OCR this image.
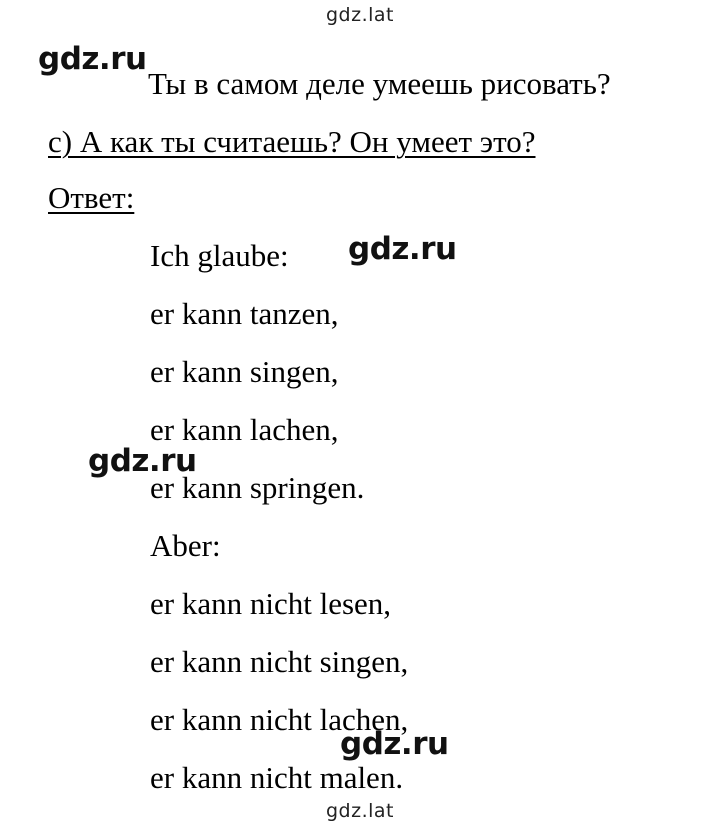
gdz.lat
Ты в самом деле умеешь рисовать?
c) А как ты считаешь? Он умеет это?
Ответ:
Ich glaube:
er kann tanzen,
er kann singen,
er kann lachen,
er kann springen.
Aber:
er kann nicht lesen,
er kann nicht singen,
er kann nicht lachen,
er kann nicht malen.
gdz.ru
gdz.ru
gdz.ru
gdz.ru
gdz.lat
